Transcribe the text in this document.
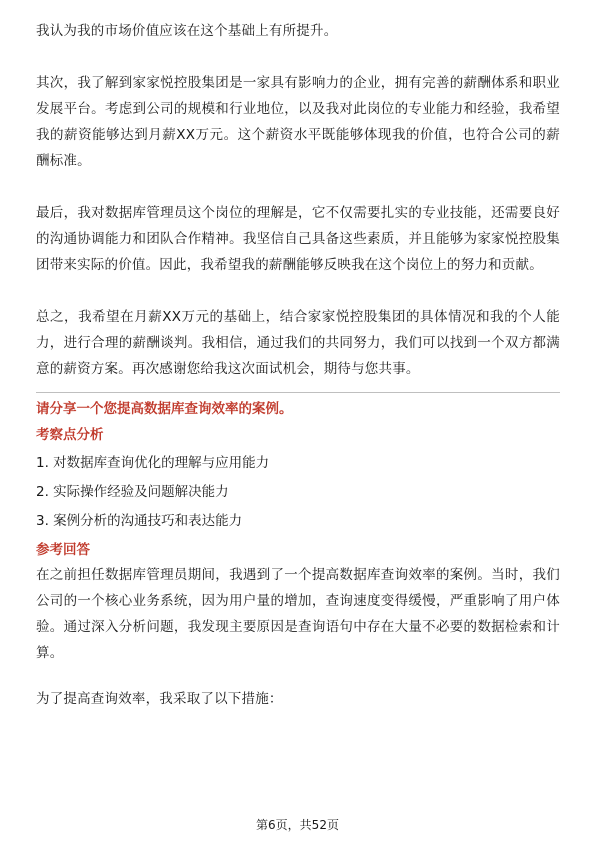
我认为我的市场价值应该在这个基础上有所提升。

其次，我了解到家家悦控股集团是一家具有影响力的企业，拥有完善的薪酬体系和职业发展平台。考虑到公司的规模和行业地位，以及我对此岗位的专业能力和经验，我希望我的薪资能够达到月薪XX万元。这个薪资水平既能够体现我的价值，也符合公司的薪酬标准。

最后，我对数据库管理员这个岗位的理解是，它不仅需要扎实的专业技能，还需要良好的沟通协调能力和团队合作精神。我坚信自己具备这些素质，并且能够为家家悦控股集团带来实际的价值。因此，我希望我的薪酬能够反映我在这个岗位上的努力和贡献。

总之，我希望在月薪XX万元的基础上，结合家家悦控股集团的具体情况和我的个人能力，进行合理的薪酬谈判。我相信，通过我们的共同努力，我们可以找到一个双方都满意的薪资方案。再次感谢您给我这次面试机会，期待与您共事。

请分享一个您提高数据库查询效率的案例。

考察点分析

1. 对数据库查询优化的理解与应用能力
2. 实际操作经验及问题解决能力
3. 案例分析的沟通技巧和表达能力

参考回答

在之前担任数据库管理员期间，我遇到了一个提高数据库查询效率的案例。当时，我们公司的一个核心业务系统，因为用户量的增加，查询速度变得缓慢，严重影响了用户体验。通过深入分析问题，我发现主要原因是查询语句中存在大量不必要的数据检索和计算。

为了提高查询效率，我采取了以下措施：

第6页，共52页
